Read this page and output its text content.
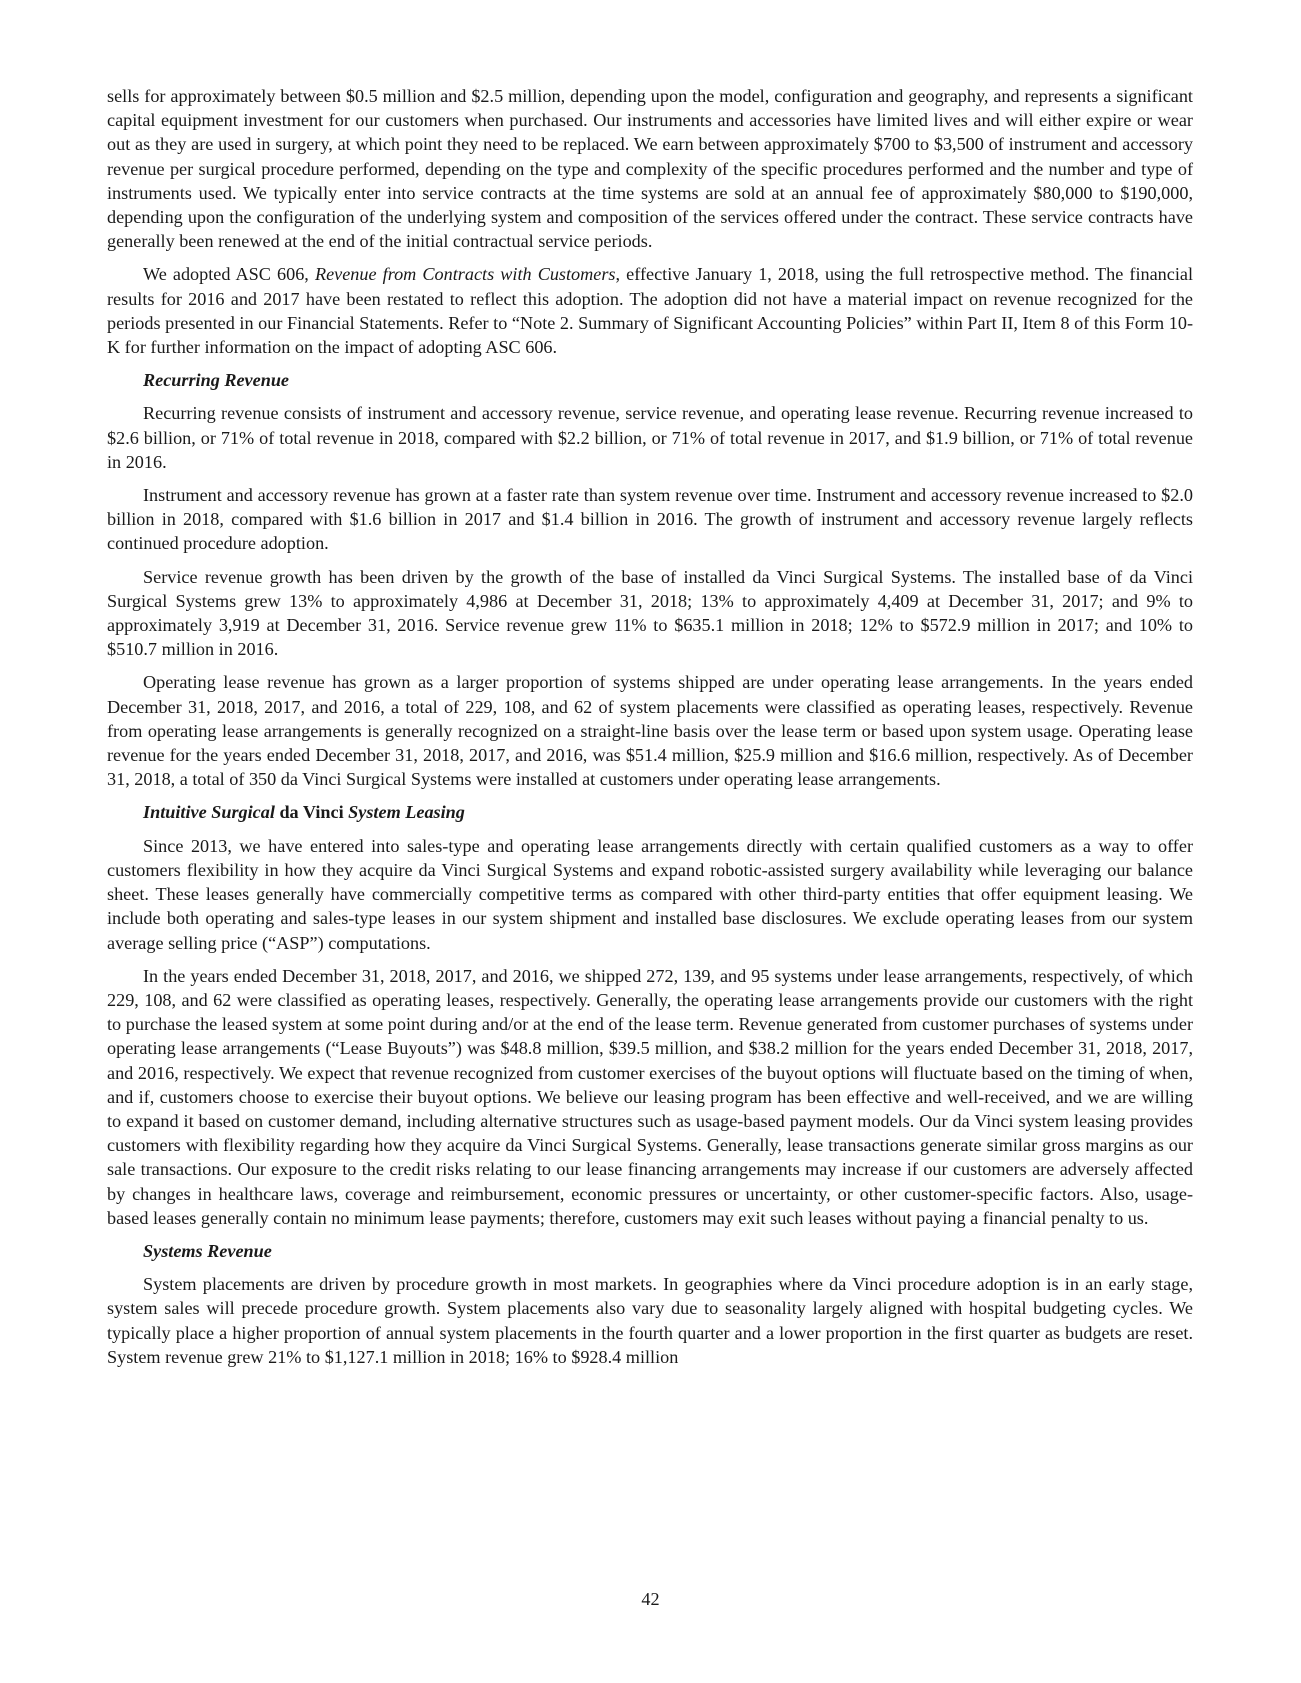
sells for approximately between $0.5 million and $2.5 million, depending upon the model, configuration and geography, and represents a significant capital equipment investment for our customers when purchased. Our instruments and accessories have limited lives and will either expire or wear out as they are used in surgery, at which point they need to be replaced. We earn between approximately $700 to $3,500 of instrument and accessory revenue per surgical procedure performed, depending on the type and complexity of the specific procedures performed and the number and type of instruments used. We typically enter into service contracts at the time systems are sold at an annual fee of approximately $80,000 to $190,000, depending upon the configuration of the underlying system and composition of the services offered under the contract. These service contracts have generally been renewed at the end of the initial contractual service periods.

We adopted ASC 606, Revenue from Contracts with Customers, effective January 1, 2018, using the full retrospective method. The financial results for 2016 and 2017 have been restated to reflect this adoption. The adoption did not have a material impact on revenue recognized for the periods presented in our Financial Statements. Refer to “Note 2. Summary of Significant Accounting Policies” within Part II, Item 8 of this Form 10-K for further information on the impact of adopting ASC 606.

Recurring Revenue

Recurring revenue consists of instrument and accessory revenue, service revenue, and operating lease revenue. Recurring revenue increased to $2.6 billion, or 71% of total revenue in 2018, compared with $2.2 billion, or 71% of total revenue in 2017, and $1.9 billion, or 71% of total revenue in 2016.

Instrument and accessory revenue has grown at a faster rate than system revenue over time. Instrument and accessory revenue increased to $2.0 billion in 2018, compared with $1.6 billion in 2017 and $1.4 billion in 2016. The growth of instrument and accessory revenue largely reflects continued procedure adoption.

Service revenue growth has been driven by the growth of the base of installed da Vinci Surgical Systems. The installed base of da Vinci Surgical Systems grew 13% to approximately 4,986 at December 31, 2018; 13% to approximately 4,409 at December 31, 2017; and 9% to approximately 3,919 at December 31, 2016. Service revenue grew 11% to $635.1 million in 2018; 12% to $572.9 million in 2017; and 10% to $510.7 million in 2016.

Operating lease revenue has grown as a larger proportion of systems shipped are under operating lease arrangements. In the years ended December 31, 2018, 2017, and 2016, a total of 229, 108, and 62 of system placements were classified as operating leases, respectively. Revenue from operating lease arrangements is generally recognized on a straight-line basis over the lease term or based upon system usage. Operating lease revenue for the years ended December 31, 2018, 2017, and 2016, was $51.4 million, $25.9 million and $16.6 million, respectively. As of December 31, 2018, a total of 350 da Vinci Surgical Systems were installed at customers under operating lease arrangements.

Intuitive Surgical da Vinci System Leasing

Since 2013, we have entered into sales-type and operating lease arrangements directly with certain qualified customers as a way to offer customers flexibility in how they acquire da Vinci Surgical Systems and expand robotic-assisted surgery availability while leveraging our balance sheet. These leases generally have commercially competitive terms as compared with other third-party entities that offer equipment leasing. We include both operating and sales-type leases in our system shipment and installed base disclosures. We exclude operating leases from our system average selling price (“ASP”) computations.

In the years ended December 31, 2018, 2017, and 2016, we shipped 272, 139, and 95 systems under lease arrangements, respectively, of which 229, 108, and 62 were classified as operating leases, respectively. Generally, the operating lease arrangements provide our customers with the right to purchase the leased system at some point during and/or at the end of the lease term. Revenue generated from customer purchases of systems under operating lease arrangements (“Lease Buyouts”) was $48.8 million, $39.5 million, and $38.2 million for the years ended December 31, 2018, 2017, and 2016, respectively. We expect that revenue recognized from customer exercises of the buyout options will fluctuate based on the timing of when, and if, customers choose to exercise their buyout options. We believe our leasing program has been effective and well-received, and we are willing to expand it based on customer demand, including alternative structures such as usage-based payment models. Our da Vinci system leasing provides customers with flexibility regarding how they acquire da Vinci Surgical Systems. Generally, lease transactions generate similar gross margins as our sale transactions. Our exposure to the credit risks relating to our lease financing arrangements may increase if our customers are adversely affected by changes in healthcare laws, coverage and reimbursement, economic pressures or uncertainty, or other customer-specific factors. Also, usage-based leases generally contain no minimum lease payments; therefore, customers may exit such leases without paying a financial penalty to us.

Systems Revenue

System placements are driven by procedure growth in most markets. In geographies where da Vinci procedure adoption is in an early stage, system sales will precede procedure growth. System placements also vary due to seasonality largely aligned with hospital budgeting cycles. We typically place a higher proportion of annual system placements in the fourth quarter and a lower proportion in the first quarter as budgets are reset. System revenue grew 21% to $1,127.1 million in 2018; 16% to $928.4 million

42
